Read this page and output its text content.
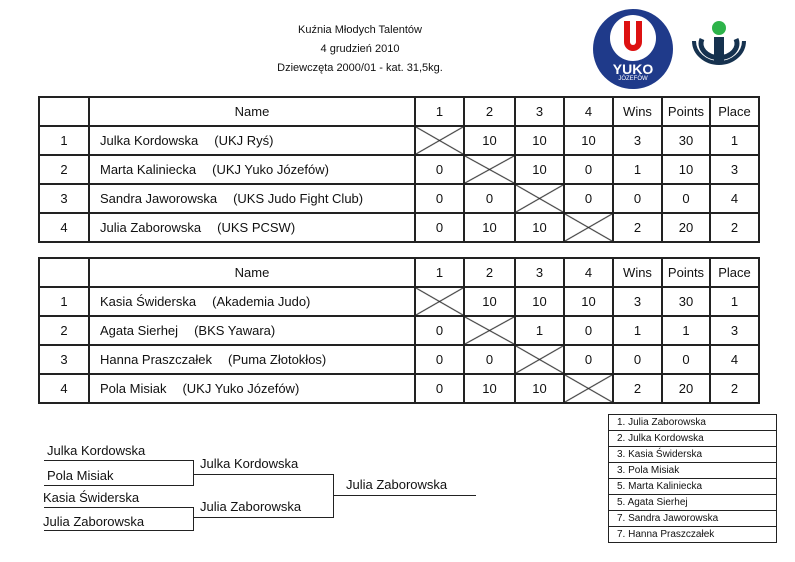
Kuźnia Młodych Talentów
4 grudzień 2010
Dziewczęta 2000/01 - kat. 31,5kg.	YUKO
JÓZEFÓW
	Name	1	2	3	4	Wins	Points	Place
1	Julka Kordowska (UKJ Ryś)		10	10	10	3	30	1
2	Marta Kaliniecka (UKJ Yuko Józefów)	0		10	0	1	10	3
3	Sandra Jaworowska (UKS Judo Fight Club)	0	0		0	0	0	4
4	Julia Zaborowska (UKS PCSW)	0	10	10		2	20	2
	Name	1	2	3	4	Wins	Points	Place
1	Kasia Świderska (Akademia Judo)		10	10	10	3	30	1
2	Agata Sierhej (BKS Yawara)	0		1	0	1	1	3
3	Hanna Praszczałek (Puma Złotokłos)	0	0		0	0	0	4
4	Pola Misiak (UKJ Yuko Józefów)	0	10	10		2	20	2
Julka Kordowska
Pola Misiak
Kasia Świderska
Julia Zaborowska
Julka Kordowska
Julia Zaborowska
Julia Zaborowska
1. Julia Zaborowska
2. Julka Kordowska
3. Kasia Świderska
3. Pola Misiak
5. Marta Kaliniecka
5. Agata Sierhej
7. Sandra Jaworowska
7. Hanna Praszczałek
